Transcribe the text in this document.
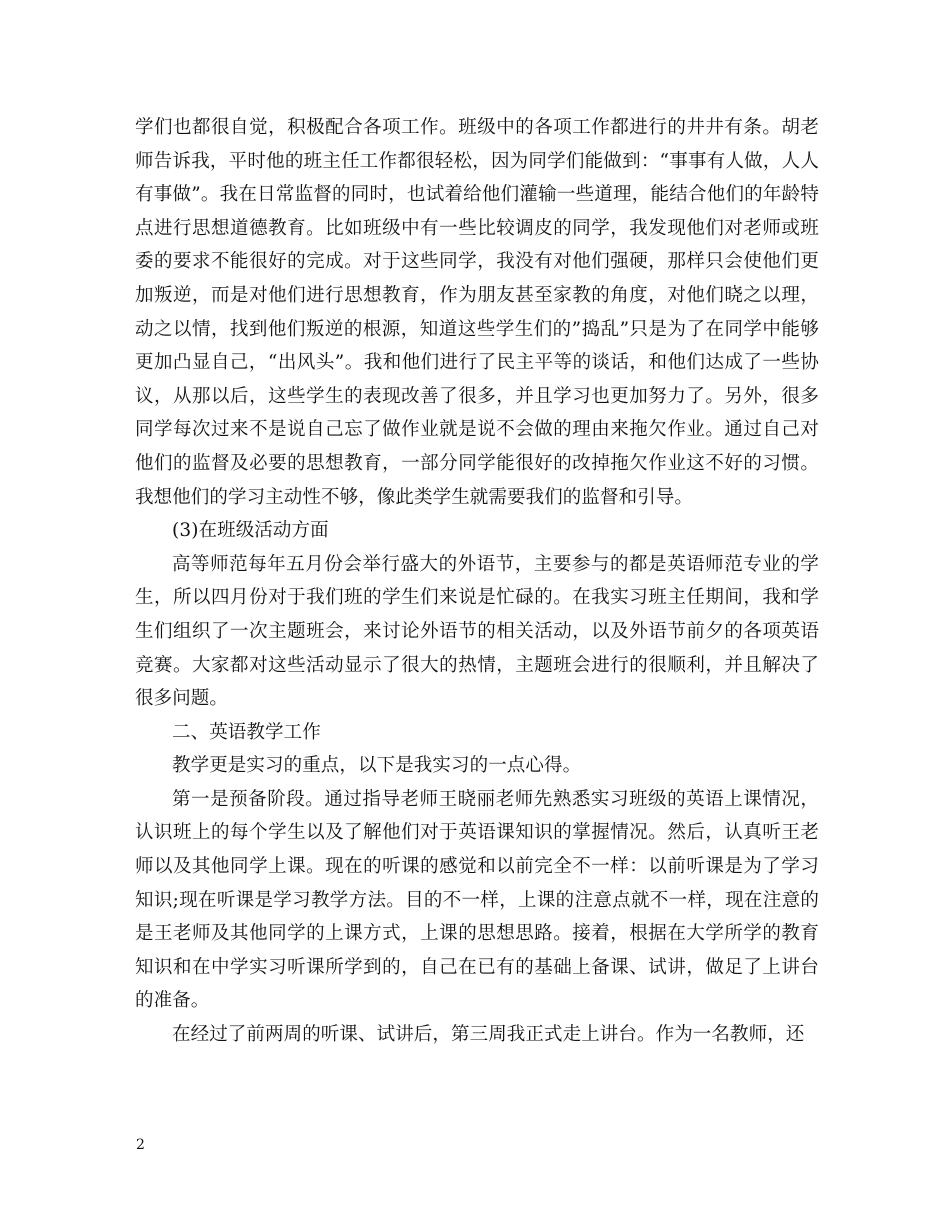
学们也都很自觉，积极配合各项工作。班级中的各项工作都进行的井井有条。胡老师告诉我，平时他的班主任工作都很轻松，因为同学们能做到：“事事有人做，人人有事做”。我在日常监督的同时，也试着给他们灌输一些道理，能结合他们的年龄特点进行思想道德教育。比如班级中有一些比较调皮的同学，我发现他们对老师或班委的要求不能很好的完成。对于这些同学，我没有对他们强硬，那样只会使他们更加叛逆，而是对他们进行思想教育，作为朋友甚至家教的角度，对他们晓之以理，动之以情，找到他们叛逆的根源，知道这些学生们的”捣乱”只是为了在同学中能够更加凸显自己，“出风头”。我和他们进行了民主平等的谈话，和他们达成了一些协议，从那以后，这些学生的表现改善了很多，并且学习也更加努力了。另外，很多同学每次过来不是说自己忘了做作业就是说不会做的理由来拖欠作业。通过自己对他们的监督及必要的思想教育，一部分同学能很好的改掉拖欠作业这不好的习惯。我想他们的学习主动性不够，像此类学生就需要我们的监督和引导。

(3)在班级活动方面

高等师范每年五月份会举行盛大的外语节，主要参与的都是英语师范专业的学生，所以四月份对于我们班的学生们来说是忙碌的。在我实习班主任期间，我和学生们组织了一次主题班会，来讨论外语节的相关活动，以及外语节前夕的各项英语竞赛。大家都对这些活动显示了很大的热情，主题班会进行的很顺利，并且解决了很多问题。

二、英语教学工作

教学更是实习的重点，以下是我实习的一点心得。

第一是预备阶段。通过指导老师王晓丽老师先熟悉实习班级的英语上课情况，认识班上的每个学生以及了解他们对于英语课知识的掌握情况。然后，认真听王老师以及其他同学上课。现在的听课的感觉和以前完全不一样：以前听课是为了学习知识;现在听课是学习教学方法。目的不一样，上课的注意点就不一样，现在注意的是王老师及其他同学的上课方式，上课的思想思路。接着，根据在大学所学的教育知识和在中学实习听课所学到的，自己在已有的基础上备课、试讲，做足了上讲台的准备。

在经过了前两周的听课、试讲后，第三周我正式走上讲台。作为一名教师，还

2
